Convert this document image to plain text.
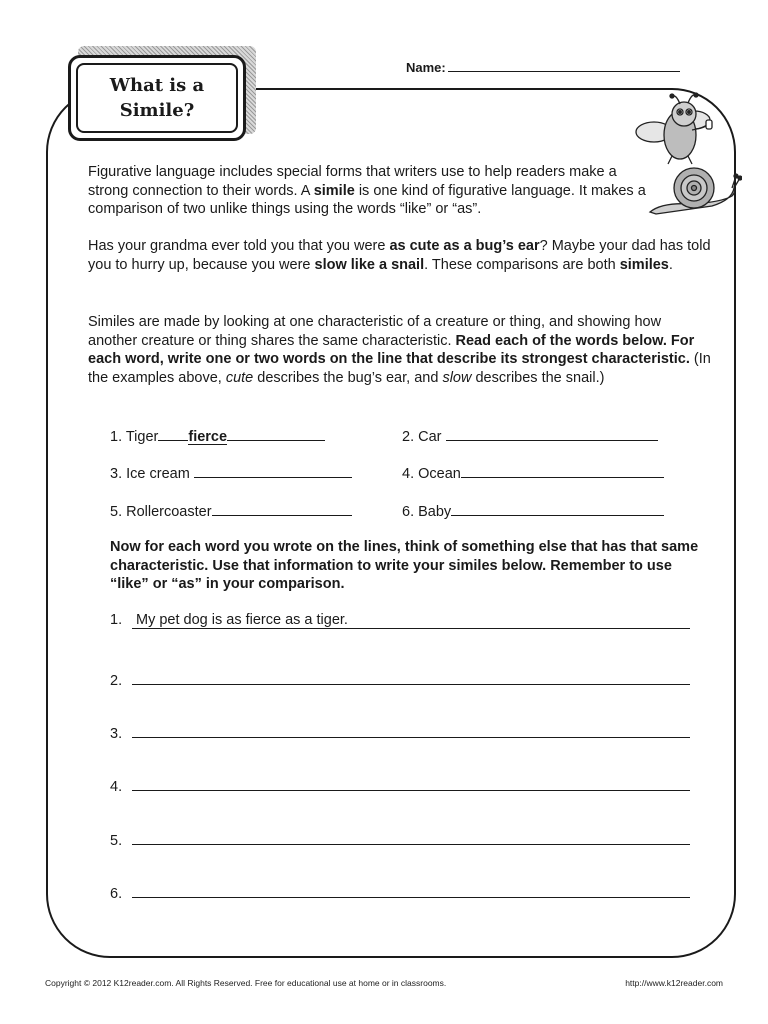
What is a
Simile?
Name:
Figurative language includes special forms that writers use to help readers make a strong connection to their words. A simile is one kind of figurative language. It makes a comparison of two unlike things using the words “like” or “as”.
Has your grandma ever told you that you were as cute as a bug’s ear? Maybe your dad has told you to hurry up, because you were slow like a snail. These comparisons are both similes.
Similes are made by looking at one characteristic of a creature or thing, and showing how another creature or thing shares the same characteristic. Read each of the words below. For each word, write one or two words on the line that describe its strongest characteristic. (In the examples above, cute describes the bug’s ear, and slow describes the snail.)
1. Tiger fierce	2. Car
3. Ice cream	4. Ocean
5. Rollercoaster	6. Baby
Now for each word you wrote on the lines, think of something else that has that same characteristic. Use that information to write your similes below. Remember to use “like” or “as” in your comparison.
1. My pet dog is as fierce as a tiger.
2.
3.
4.
5.
6.
Copyright © 2012 K12reader.com. All Rights Reserved. Free for educational use at home or in classrooms.	http://www.k12reader.com
